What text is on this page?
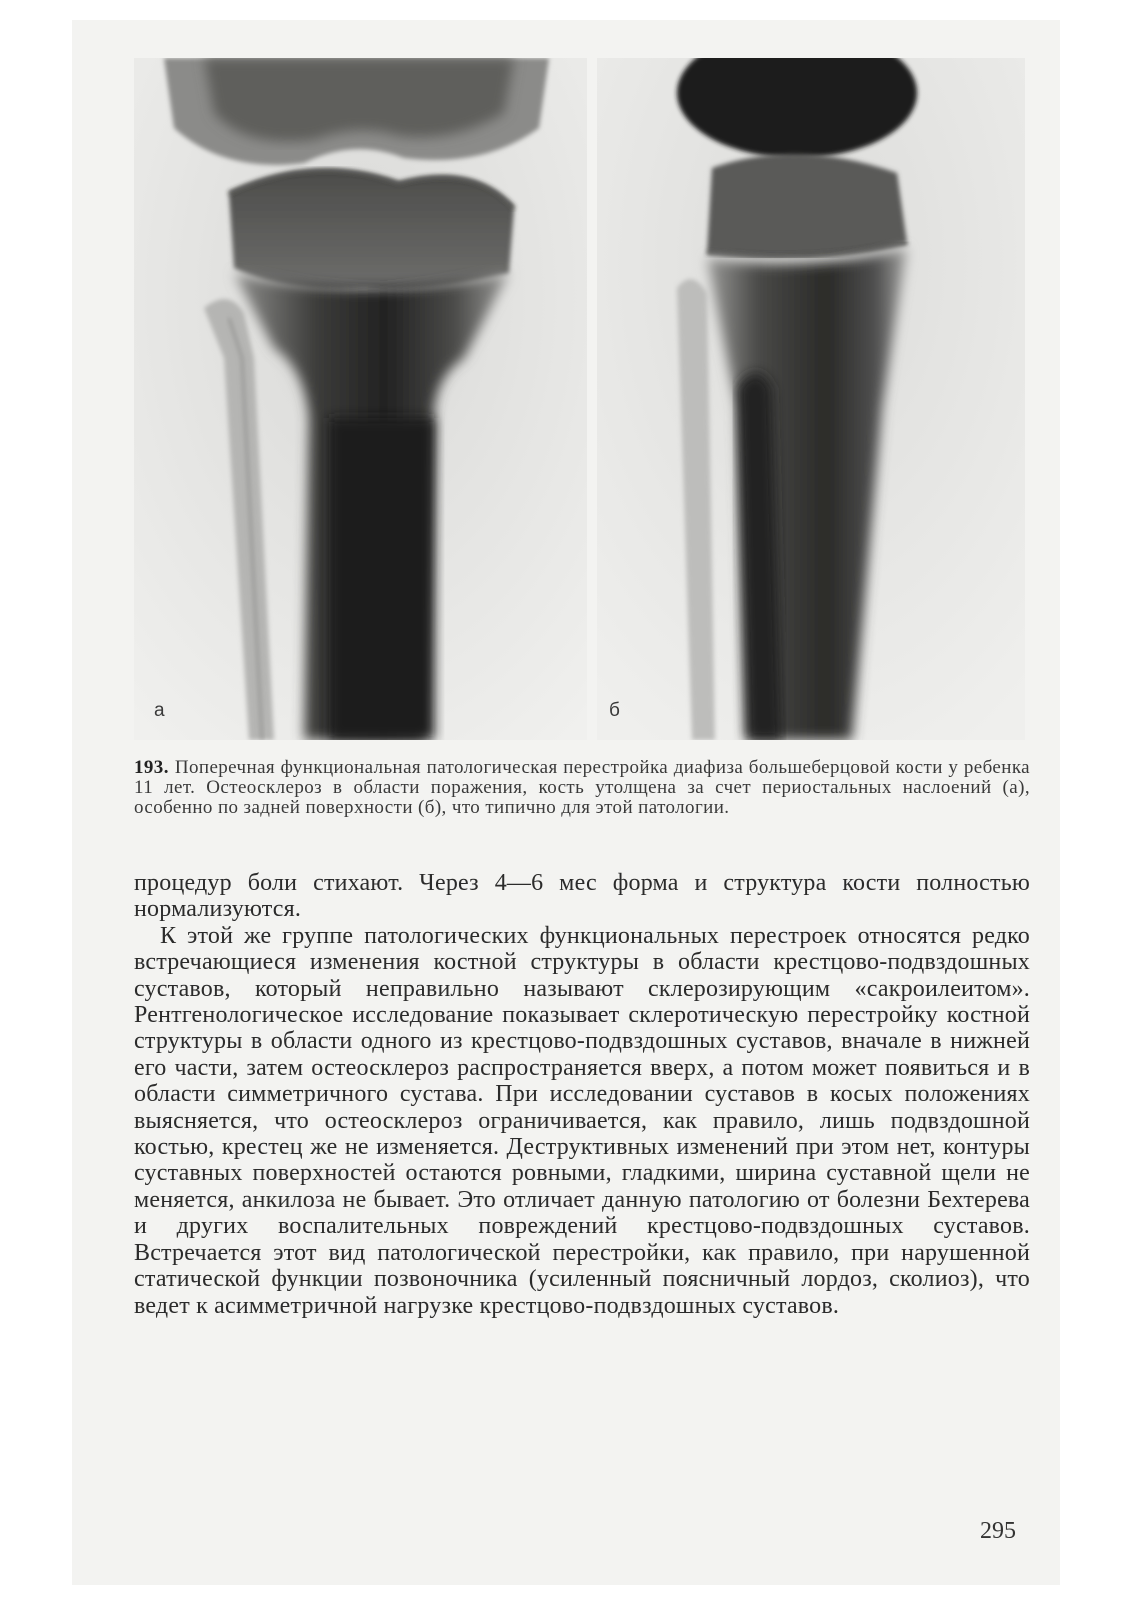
а	б
193. Поперечная функциональная патологическая перестройка диафиза большеберцовой кости у ребенка 11 лет. Остеосклероз в области поражения, кость утолщена за счет периостальных наслоений (а), особенно по задней поверхности (б), что типично для этой патологии.

процедур боли стихают. Через 4—6 мес форма и структура кости полностью нормализуются.

К этой же группе патологических функциональных перестроек относятся редко встречающиеся изменения костной структуры в области крестцово-подвздошных суставов, который неправильно называют склерозирующим «сакроилеитом». Рентгенологическое исследование показывает склеротическую перестройку костной структуры в области одного из крестцово-подвздошных суставов, вначале в нижней его части, затем остеосклероз распространяется вверх, а потом может появиться и в области симметричного сустава. При исследовании суставов в косых положениях выясняется, что остеосклероз ограничивается, как правило, лишь подвздошной костью, крестец же не изменяется. Деструктивных изменений при этом нет, контуры суставных поверхностей остаются ровными, гладкими, ширина суставной щели не меняется, анкилоза не бывает. Это отличает данную патологию от болезни Бехтерева и других воспалительных повреждений крестцово-подвздошных суставов. Встречается этот вид патологической перестройки, как правило, при нарушенной статической функции позвоночника (усиленный поясничный лордоз, сколиоз), что ведет к асимметричной нагрузке крестцово-подвздошных суставов.

295
